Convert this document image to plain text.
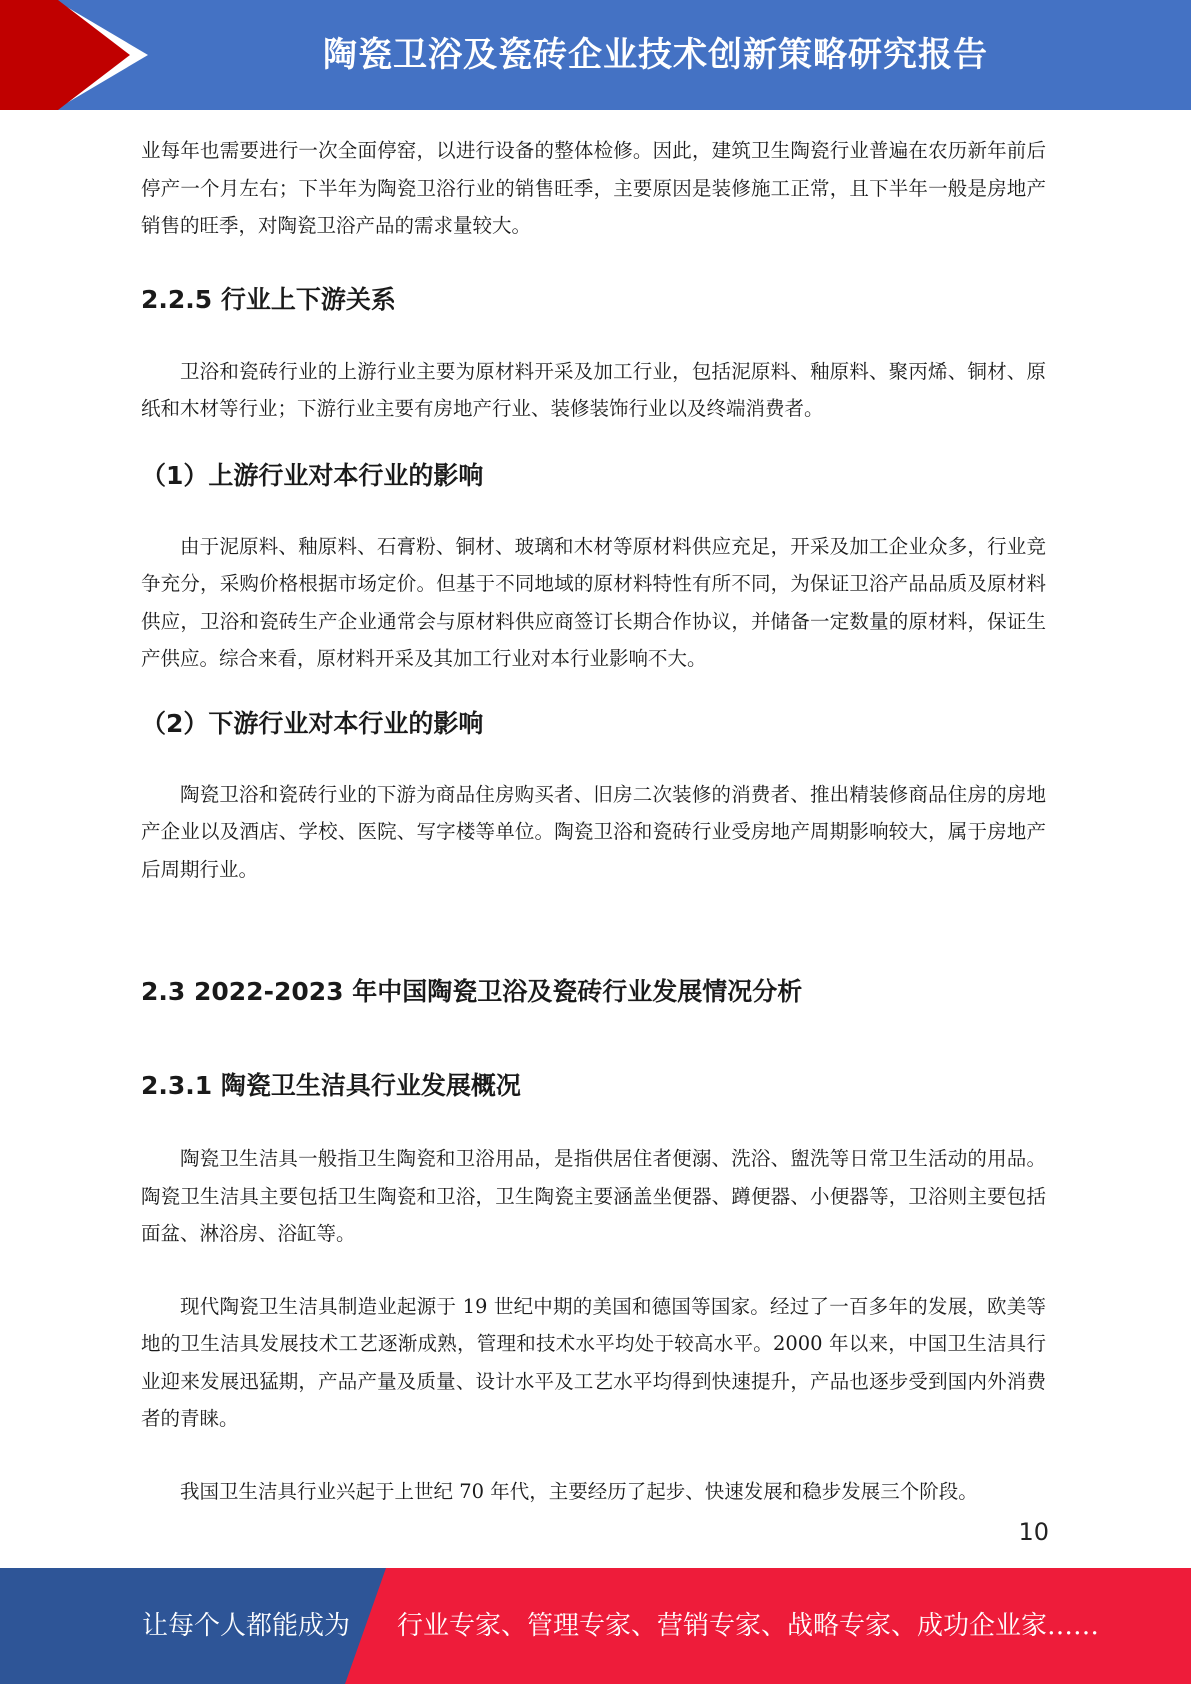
陶瓷卫浴及瓷砖企业技术创新策略研究报告

业每年也需要进行一次全面停窑，以进行设备的整体检修。因此，建筑卫生陶瓷行业普遍在农历新年前后停产一个月左右；下半年为陶瓷卫浴行业的销售旺季，主要原因是装修施工正常，且下半年一般是房地产销售的旺季，对陶瓷卫浴产品的需求量较大。

2.2.5 行业上下游关系

卫浴和瓷砖行业的上游行业主要为原材料开采及加工行业，包括泥原料、釉原料、聚丙烯、铜材、原纸和木材等行业；下游行业主要有房地产行业、装修装饰行业以及终端消费者。

（1）上游行业对本行业的影响

由于泥原料、釉原料、石膏粉、铜材、玻璃和木材等原材料供应充足，开采及加工企业众多，行业竞争充分，采购价格根据市场定价。但基于不同地域的原材料特性有所不同，为保证卫浴产品品质及原材料供应，卫浴和瓷砖生产企业通常会与原材料供应商签订长期合作协议，并储备一定数量的原材料，保证生产供应。综合来看，原材料开采及其加工行业对本行业影响不大。

（2）下游行业对本行业的影响

陶瓷卫浴和瓷砖行业的下游为商品住房购买者、旧房二次装修的消费者、推出精装修商品住房的房地产企业以及酒店、学校、医院、写字楼等单位。陶瓷卫浴和瓷砖行业受房地产周期影响较大，属于房地产后周期行业。

2.3 2022-2023 年中国陶瓷卫浴及瓷砖行业发展情况分析
2.3.1 陶瓷卫生洁具行业发展概况

陶瓷卫生洁具一般指卫生陶瓷和卫浴用品，是指供居住者便溺、洗浴、盥洗等日常卫生活动的用品。陶瓷卫生洁具主要包括卫生陶瓷和卫浴，卫生陶瓷主要涵盖坐便器、蹲便器、小便器等，卫浴则主要包括面盆、淋浴房、浴缸等。

现代陶瓷卫生洁具制造业起源于 19 世纪中期的美国和德国等国家。经过了一百多年的发展，欧美等地的卫生洁具发展技术工艺逐渐成熟，管理和技术水平均处于较高水平。2000 年以来，中国卫生洁具行业迎来发展迅猛期，产品产量及质量、设计水平及工艺水平均得到快速提升，产品也逐步受到国内外消费者的青睐。

我国卫生洁具行业兴起于上世纪 70 年代，主要经历了起步、快速发展和稳步发展三个阶段。

10
让每个人都能成为 行业专家、管理专家、营销专家、战略专家、成功企业家……
